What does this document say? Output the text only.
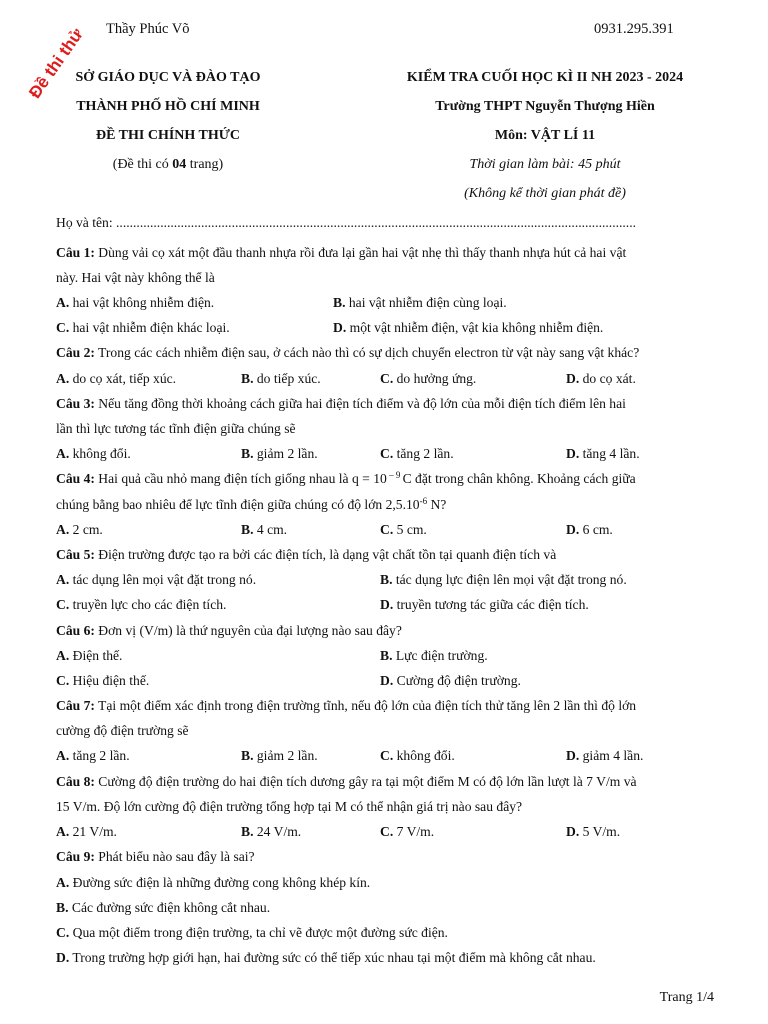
Đề thi thử Thầy Phúc Võ	0931.295.391
SỞ GIÁO DỤC VÀ ĐÀO TẠO
THÀNH PHỐ HỒ CHÍ MINH
ĐỀ THI CHÍNH THỨC
(Đề thi có 04 trang)
KIỂM TRA CUỐI HỌC KÌ II NH 2023 - 2024
Trường THPT Nguyễn Thượng Hiền
Môn: VẬT LÍ 11
Thời gian làm bài: 45 phút
(Không kể thời gian phát đề)
Họ và tên: .........................................................................................................................................................
Câu 1: Dùng vải cọ xát một đầu thanh nhựa rồi đưa lại gần hai vật nhẹ thì thấy thanh nhựa hút cả hai vật
này. Hai vật này không thể là
A. hai vật không nhiễm điện.	B. hai vật nhiễm điện cùng loại.
C. hai vật nhiễm điện khác loại.	D. một vật nhiễm điện, vật kia không nhiễm điện.
Câu 2: Trong các cách nhiễm điện sau, ở cách nào thì có sự dịch chuyển electron từ vật này sang vật khác?
A. do cọ xát, tiếp xúc.	B. do tiếp xúc.	C. do hưởng ứng.	D. do cọ xát.
Câu 3: Nếu tăng đồng thời khoảng cách giữa hai điện tích điểm và độ lớn của mỗi điện tích điểm lên hai
lần thì lực tương tác tĩnh điện giữa chúng sẽ
A. không đổi.	B. giảm 2 lần.	C. tăng 2 lần.	D. tăng 4 lần.
Câu 4: Hai quả cầu nhỏ mang điện tích giống nhau là q = 10 $^{- 9}$ C đặt trong chân không. Khoảng cách giữa
chúng bằng bao nhiêu để lực tĩnh điện giữa chúng có độ lớn $2,5.10^{-6}$ N?
A. 2 cm.	B. 4 cm.	C. 5 cm.	D. 6 cm.
Câu 5: Điện trường được tạo ra bởi các điện tích, là dạng vật chất tồn tại quanh điện tích và
A. tác dụng lên mọi vật đặt trong nó.	B. tác dụng lực điện lên mọi vật đặt trong nó.
C. truyền lực cho các điện tích.	D. truyền tương tác giữa các điện tích.
Câu 6: Đơn vị (V/m) là thứ nguyên của đại lượng nào sau đây?
A. Điện thế.	B. Lực điện trường.
C. Hiệu điện thế.	D. Cường độ điện trường.
Câu 7: Tại một điểm xác định trong điện trường tĩnh, nếu độ lớn của điện tích thử tăng lên 2 lần thì độ lớn
cường độ điện trường sẽ
A. tăng 2 lần.	B. giảm 2 lần.	C. không đổi.	D. giảm 4 lần.
Câu 8: Cường độ điện trường do hai điện tích dương gây ra tại một điểm M có độ lớn lần lượt là 7 V/m và
15 V/m. Độ lớn cường độ điện trường tổng hợp tại M có thể nhận giá trị nào sau đây?
A. 21 V/m.	B. 24 V/m.	C. 7 V/m.	D. 5 V/m.
Câu 9: Phát biểu nào sau đây là sai?
A. Đường sức điện là những đường cong không khép kín.
B. Các đường sức điện không cắt nhau.
C. Qua một điểm trong điện trường, ta chỉ vẽ được một đường sức điện.
D. Trong trường hợp giới hạn, hai đường sức có thể tiếp xúc nhau tại một điểm mà không cắt nhau.
Trang 1/4
